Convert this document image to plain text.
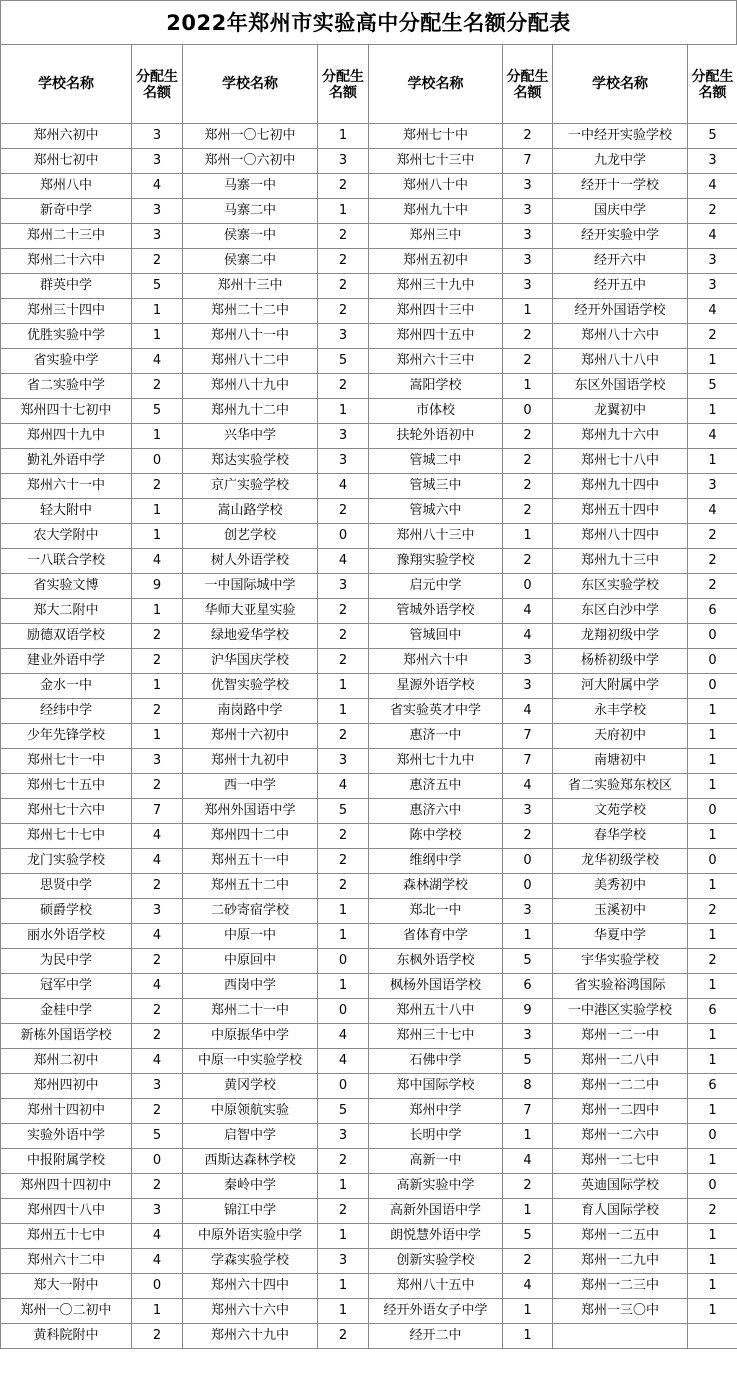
2022年郑州市实验高中分配生名额分配表
学校名称	分配生名额	学校名称	分配生名额	学校名称	分配生名额	学校名称	分配生名额
郑州六初中	3	郑州一〇七初中	1	郑州七十中	2	一中经开实验学校	5
郑州七初中	3	郑州一〇六初中	3	郑州七十三中	7	九龙中学	3
郑州八中	4	马寨一中	2	郑州八十中	3	经开十一学校	4
新奇中学	3	马寨二中	1	郑州九十中	3	国庆中学	2
郑州二十三中	3	侯寨一中	2	郑州三中	3	经开实验中学	4
郑州二十六中	2	侯寨二中	2	郑州五初中	3	经开六中	3
群英中学	5	郑州十三中	2	郑州三十九中	3	经开五中	3
郑州三十四中	1	郑州二十二中	2	郑州四十三中	1	经开外国语学校	4
优胜实验中学	1	郑州八十一中	3	郑州四十五中	2	郑州八十六中	2
省实验中学	4	郑州八十二中	5	郑州六十三中	2	郑州八十八中	1
省二实验中学	2	郑州八十九中	2	嵩阳学校	1	东区外国语学校	5
郑州四十七初中	5	郑州九十二中	1	市体校	0	龙翼初中	1
郑州四十九中	1	兴华中学	3	扶轮外语初中	2	郑州九十六中	4
勤礼外语中学	0	郑达实验学校	3	管城二中	2	郑州七十八中	1
郑州六十一中	2	京广实验学校	4	管城三中	2	郑州九十四中	3
轻大附中	1	嵩山路学校	2	管城六中	2	郑州五十四中	4
农大学附中	1	创艺学校	0	郑州八十三中	1	郑州八十四中	2
一八联合学校	4	树人外语学校	4	豫翔实验学校	2	郑州九十三中	2
省实验文博	9	一中国际城中学	3	启元中学	0	东区实验学校	2
郑大二附中	1	华师大亚星实验	2	管城外语学校	4	东区白沙中学	6
励德双语学校	2	绿地爱华学校	2	管城回中	4	龙翔初级中学	0
建业外语中学	2	沪华国庆学校	2	郑州六十中	3	杨桥初级中学	0
金水一中	1	优智实验学校	1	星源外语学校	3	河大附属中学	0
经纬中学	2	南岗路中学	1	省实验英才中学	4	永丰学校	1
少年先锋学校	1	郑州十六初中	2	惠济一中	7	天府初中	1
郑州七十一中	3	郑州十九初中	3	郑州七十九中	7	南塘初中	1
郑州七十五中	2	西一中学	4	惠济五中	4	省二实验郑东校区	1
郑州七十六中	7	郑州外国语中学	5	惠济六中	3	文苑学校	0
郑州七十七中	4	郑州四十二中	2	陈中学校	2	春华学校	1
龙门实验学校	4	郑州五十一中	2	维纲中学	0	龙华初级学校	0
思贤中学	2	郑州五十二中	2	森林湖学校	0	美秀初中	1
硕爵学校	3	二砂寄宿学校	1	郑北一中	3	玉溪初中	2
丽水外语学校	4	中原一中	1	省体育中学	1	华夏中学	1
为民中学	2	中原回中	0	东枫外语学校	5	宇华实验学校	2
冠军中学	4	西岗中学	1	枫杨外国语学校	6	省实验裕鸿国际	1
金桂中学	2	郑州二十一中	0	郑州五十八中	9	一中港区实验学校	6
新栋外国语学校	2	中原振华中学	4	郑州三十七中	3	郑州一二一中	1
郑州二初中	4	中原一中实验学校	4	石佛中学	5	郑州一二八中	1
郑州四初中	3	黄冈学校	0	郑中国际学校	8	郑州一二二中	6
郑州十四初中	2	中原领航实验	5	郑州中学	7	郑州一二四中	1
实验外语中学	5	启智中学	3	长明中学	1	郑州一二六中	0
中报附属学校	0	西斯达森林学校	2	高新一中	4	郑州一二七中	1
郑州四十四初中	2	秦岭中学	1	高新实验中学	2	英迪国际学校	0
郑州四十八中	3	锦江中学	2	高新外国语中学	1	育人国际学校	2
郑州五十七中	4	中原外语实验中学	1	朗悦慧外语中学	5	郑州一二五中	1
郑州六十二中	4	学森实验学校	3	创新实验学校	2	郑州一二九中	1
郑大一附中	0	郑州六十四中	1	郑州八十五中	4	郑州一二三中	1
郑州一〇二初中	1	郑州六十六中	1	经开外语女子中学	1	郑州一三〇中	1
黄科院附中	2	郑州六十九中	2	经开二中	1		
